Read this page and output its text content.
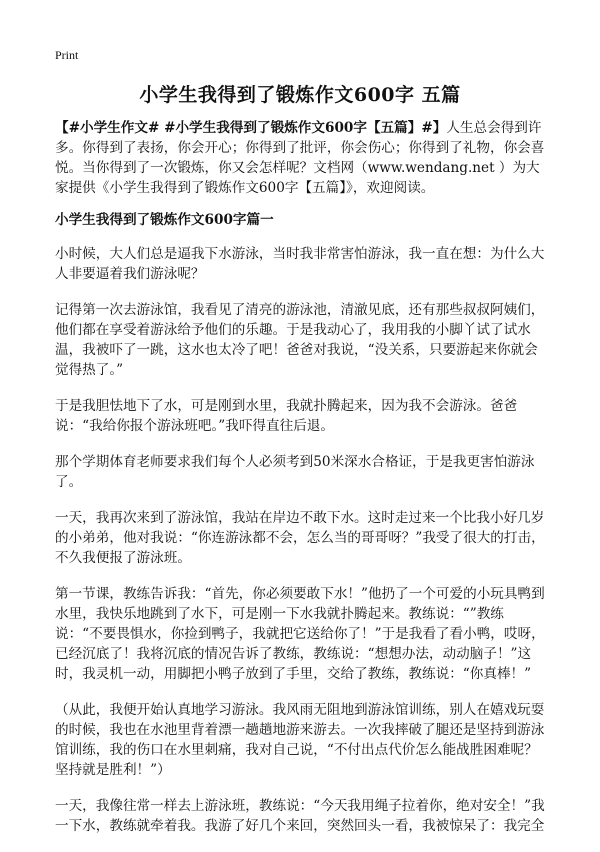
Print
小学生我得到了锻炼作文600字 五篇

【#小学生作文# #小学生我得到了锻炼作文600字【五篇】#】人生总会得到许多。你得到了表扬，你会开心；你得到了批评，你会伤心；你得到了礼物，你会喜悦。当你得到了一次锻炼，你又会怎样呢？文档网（www.wendang.net ）为大家提供《小学生我得到了锻炼作文600字【五篇】》，欢迎阅读。

小学生我得到了锻炼作文600字篇一

小时候，大人们总是逼我下水游泳，当时我非常害怕游泳，我一直在想：为什么大人非要逼着我们游泳呢？

记得第一次去游泳馆，我看见了清亮的游泳池，清澈见底，还有那些叔叔阿姨们，他们都在享受着游泳给予他们的乐趣。于是我动心了，我用我的小脚丫试了试水温，我被吓了一跳，这水也太冷了吧！爸爸对我说，“没关系，只要游起来你就会觉得热了。”

于是我胆怯地下了水，可是刚到水里，我就扑腾起来，因为我不会游泳。爸爸说：“我给你报个游泳班吧。”我吓得直往后退。

那个学期体育老师要求我们每个人必须考到50米深水合格证，于是我更害怕游泳了。

一天，我再次来到了游泳馆，我站在岸边不敢下水。这时走过来一个比我小好几岁的小弟弟，他对我说：“你连游泳都不会，怎么当的哥哥呀？”我受了很大的打击，不久我便报了游泳班。

第一节课，教练告诉我：“首先，你必须要敢下水！”他扔了一个可爱的小玩具鸭到水里，我快乐地跳到了水下，可是刚一下水我就扑腾起来。教练说：“”教练说：“不要畏惧水，你捡到鸭子，我就把它送给你了！”于是我看了看小鸭，哎呀，已经沉底了！我将沉底的情况告诉了教练，教练说：“想想办法，动动脑子！”这时，我灵机一动，用脚把小鸭子放到了手里，交给了教练，教练说：“你真棒！”

（从此，我便开始认真地学习游泳。我风雨无阻地到游泳馆训练，别人在嬉戏玩耍的时候，我也在水池里背着漂一趟趟地游来游去。一次我摔破了腿还是坚持到游泳馆训练，我的伤口在水里刺痛，我对自己说，“不付出点代价怎么能战胜困难呢？坚持就是胜利！”）

一天，我像往常一样去上游泳班，教练说：“今天我用绳子拉着你，绝对安全！”我一下水，教练就牵着我。我游了好几个来回，突然回头一看，我被惊呆了：我完全
